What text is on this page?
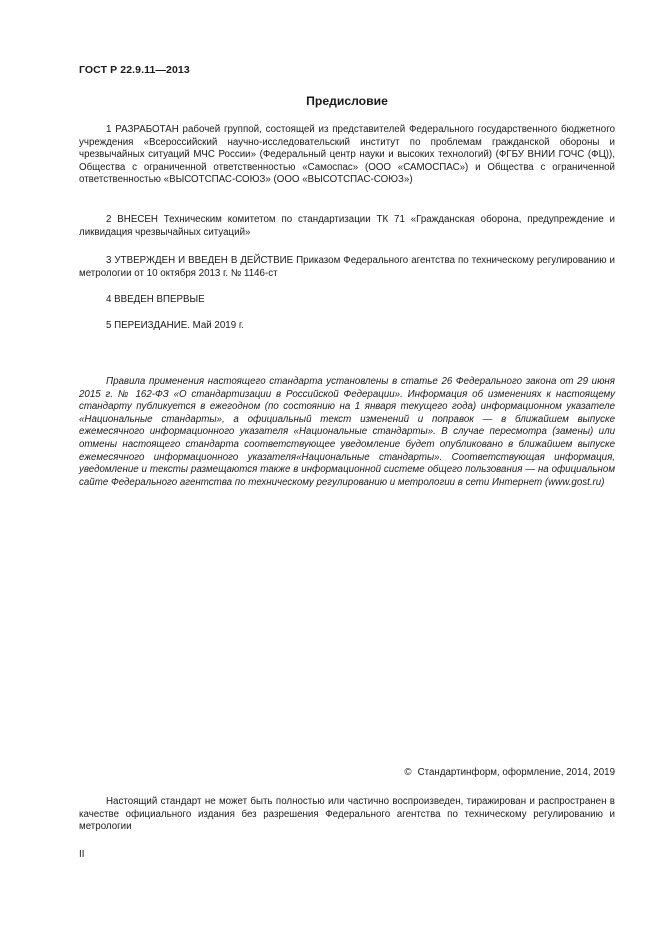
ГОСТ Р 22.9.11—2013
Предисловие

1 РАЗРАБОТАН рабочей группой, состоящей из представителей Федерального государственного бюджетного учреждения «Всероссийский научно-исследовательский институт по проблемам гражданской обороны и чрезвычайных ситуаций МЧС России» (Федеральный центр науки и высоких технологий) (ФГБУ ВНИИ ГОЧС (ФЦ)), Общества с ограниченной ответственностью «Самоспас» (ООО «САМОСПАС») и Общества с ограниченной ответственностью «ВЫСОТСПАС-СОЮЗ» (ООО «ВЫСОТСПАС-СОЮЗ»)

2 ВНЕСЕН Техническим комитетом по стандартизации ТК 71 «Гражданская оборона, предупреждение и ликвидация чрезвычайных ситуаций»

3 УТВЕРЖДЕН И ВВЕДЕН В ДЕЙСТВИЕ Приказом Федерального агентства по техническому регулированию и метрологии от 10 октября 2013 г. № 1146-ст

4 ВВЕДЕН ВПЕРВЫЕ

5 ПЕРЕИЗДАНИЕ. Май 2019 г.

Правила применения настоящего стандарта установлены в статье 26 Федерального закона от 29 июня 2015 г. № 162-ФЗ «О стандартизации в Российской Федерации». Информация об изменениях к настоящему стандарту публикуется в ежегодном (по состоянию на 1 января текущего года) информационном указателе «Национальные стандарты», а официальный текст изменений и поправок — в ближайшем выпуске ежемесячного информационного указателя «Национальные стандарты». В случае пересмотра (замены) или отмены настоящего стандарта соответствующее уведомление будет опубликовано в ближайшем выпуске ежемесячного информационного указателя«Национальные стандарты». Соответствующая информация, уведомление и тексты размещаются также в информационной системе общего пользования — на официальном сайте Федерального агентства по техническому регулированию и метрологии в сети Интернет (www.gost.ru)

© Стандартинформ, оформление, 2014, 2019

Настоящий стандарт не может быть полностью или частично воспроизведен, тиражирован и распространен в качестве официального издания без разрешения Федерального агентства по техническому регулированию и метрологии

II
